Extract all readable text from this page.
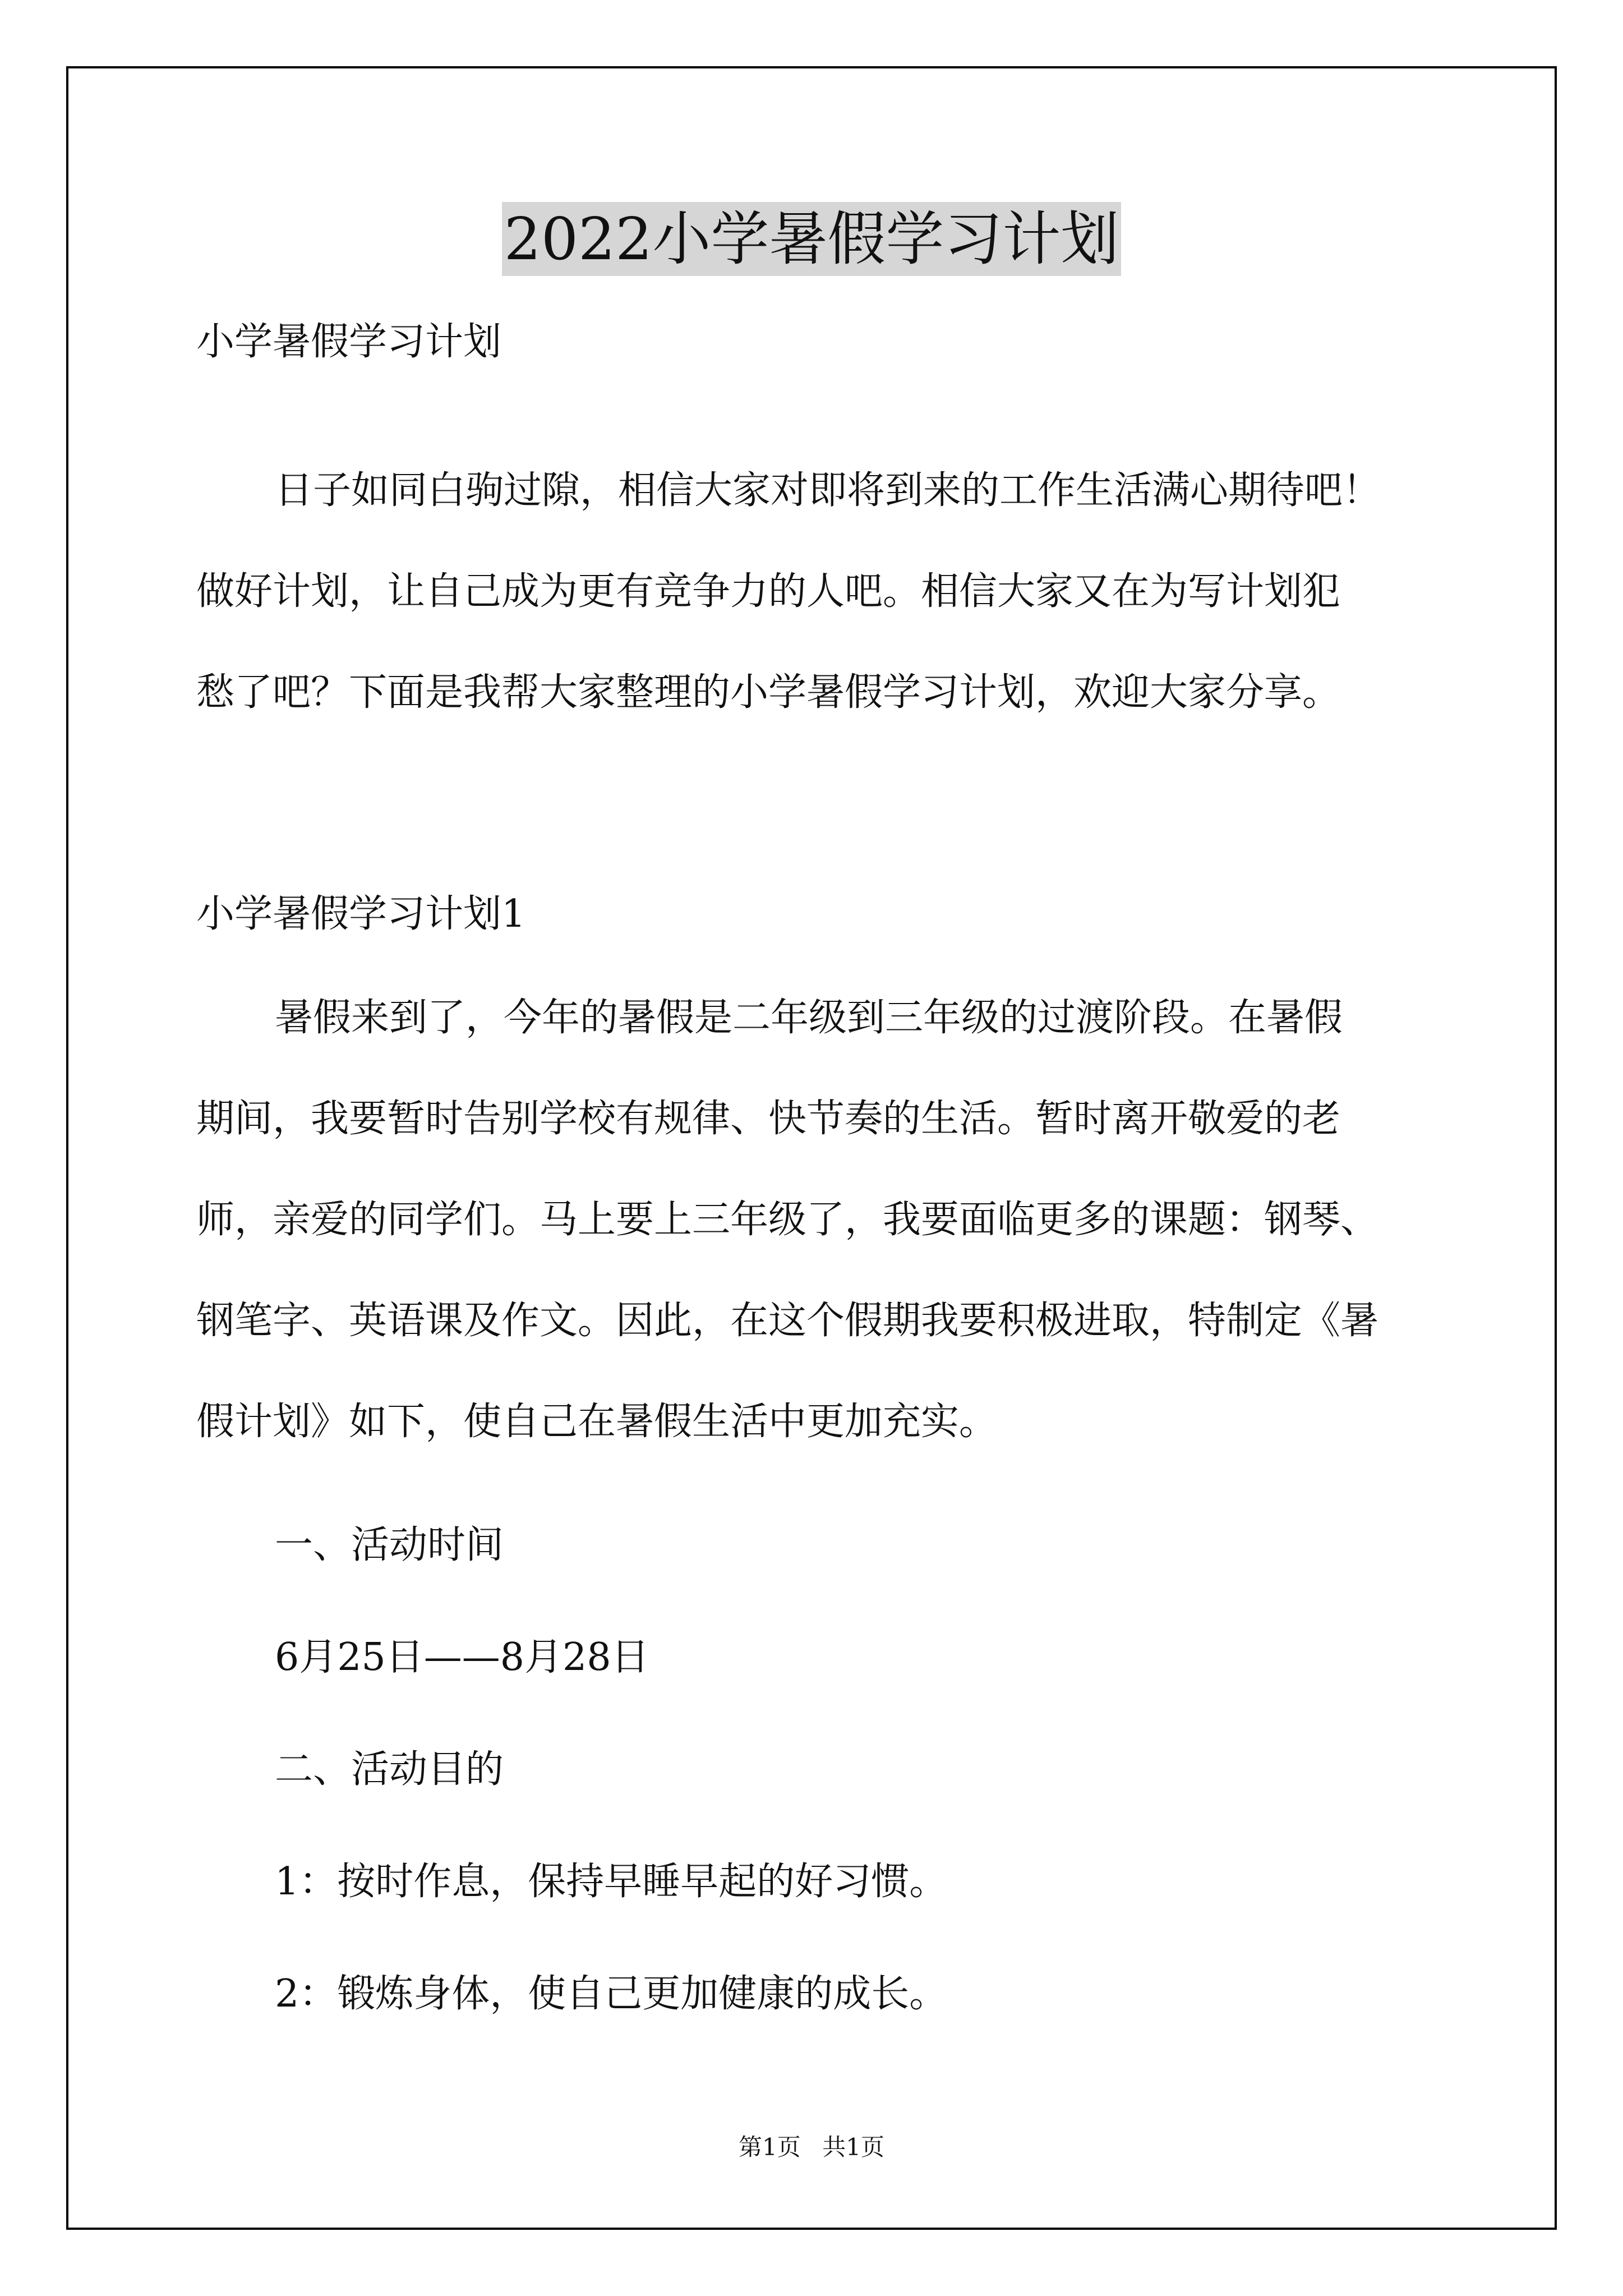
2022小学暑假学习计划
小学暑假学习计划
日子如同白驹过隙，相信大家对即将到来的工作生活满心期待吧！
做好计划，让自己成为更有竞争力的人吧。相信大家又在为写计划犯
愁了吧？下面是我帮大家整理的小学暑假学习计划，欢迎大家分享。
小学暑假学习计划1
暑假来到了，今年的暑假是二年级到三年级的过渡阶段。在暑假
期间，我要暂时告别学校有规律、快节奏的生活。暂时离开敬爱的老
师，亲爱的同学们。马上要上三年级了，我要面临更多的课题：钢琴、
钢笔字、英语课及作文。因此，在这个假期我要积极进取，特制定《暑
假计划》如下，使自己在暑假生活中更加充实。
一、活动时间
6月25日——8月28日
二、活动目的
1：按时作息，保持早睡早起的好习惯。
2：锻炼身体，使自己更加健康的成长。
第1页 共1页
